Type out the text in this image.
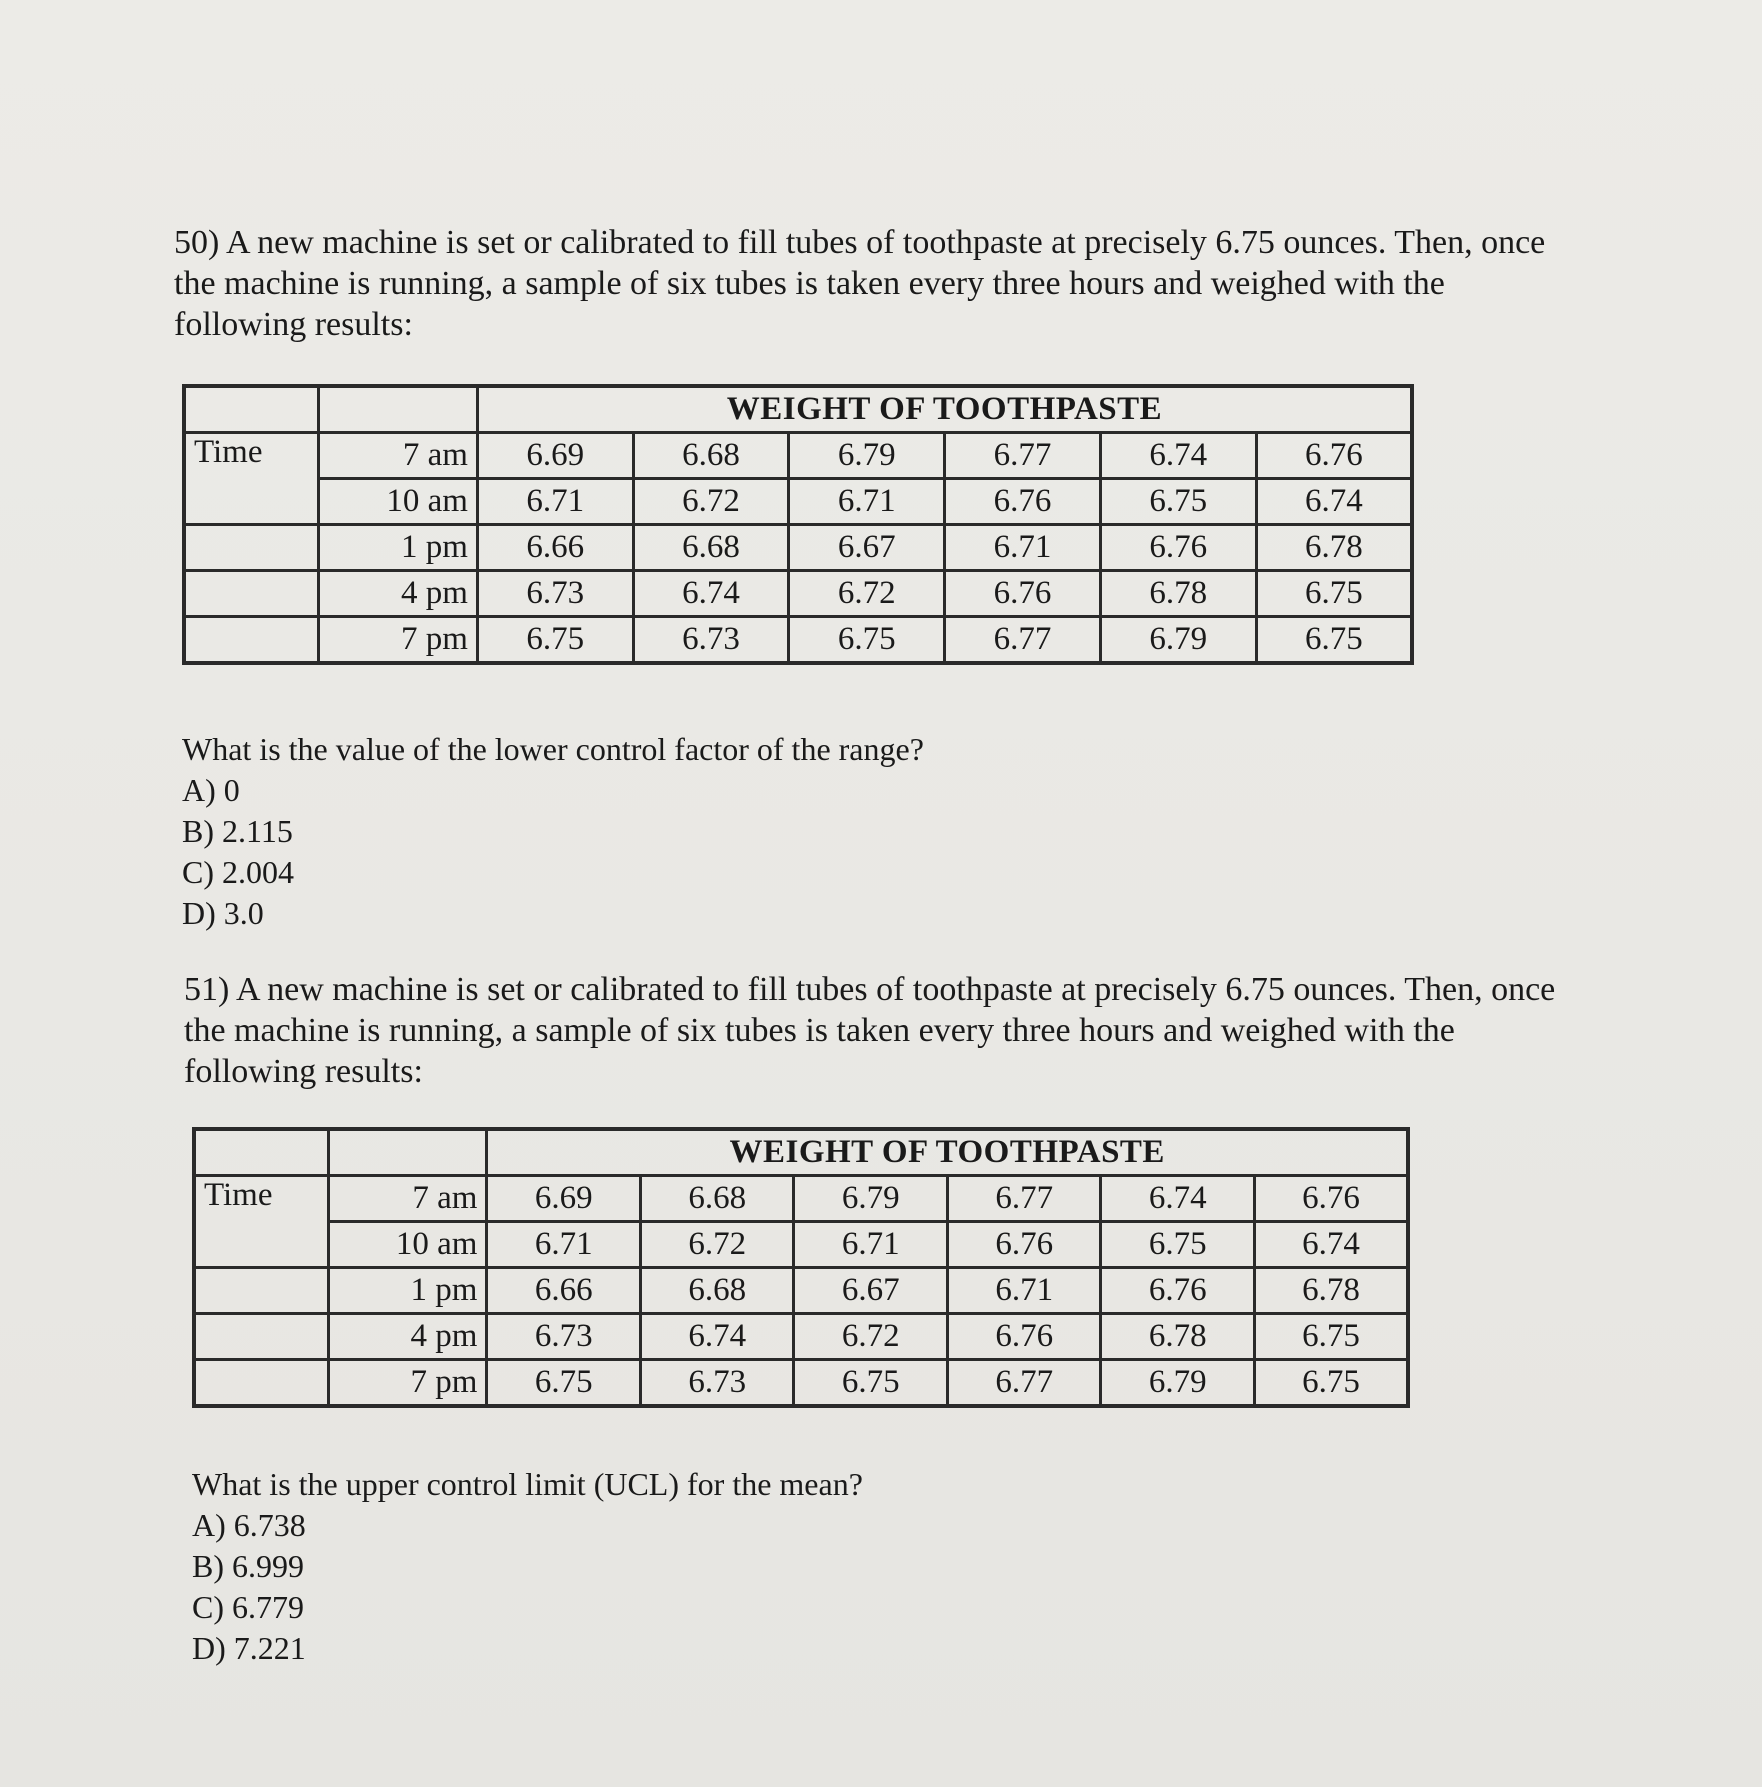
50) A new machine is set or calibrated to fill tubes of toothpaste at precisely 6.75 ounces. Then, once the machine is running, a sample of six tubes is taken every three hours and weighed with the following results:

		WEIGHT OF TOOTHPASTE					
Time	7 am	6.69	6.68	6.79	6.77	6.74	6.76
	10 am	6.71	6.72	6.71	6.76	6.75	6.74
	1 pm	6.66	6.68	6.67	6.71	6.76	6.78
	4 pm	6.73	6.74	6.72	6.76	6.78	6.75
	7 pm	6.75	6.73	6.75	6.77	6.79	6.75

What is the value of the lower control factor of the range?

A) 0

B) 2.115

C) 2.004

D) 3.0

51) A new machine is set or calibrated to fill tubes of toothpaste at precisely 6.75 ounces. Then, once the machine is running, a sample of six tubes is taken every three hours and weighed with the following results:

		WEIGHT OF TOOTHPASTE					
Time	7 am	6.69	6.68	6.79	6.77	6.74	6.76
	10 am	6.71	6.72	6.71	6.76	6.75	6.74
	1 pm	6.66	6.68	6.67	6.71	6.76	6.78
	4 pm	6.73	6.74	6.72	6.76	6.78	6.75
	7 pm	6.75	6.73	6.75	6.77	6.79	6.75

What is the upper control limit (UCL) for the mean?

A) 6.738

B) 6.999

C) 6.779

D) 7.221
